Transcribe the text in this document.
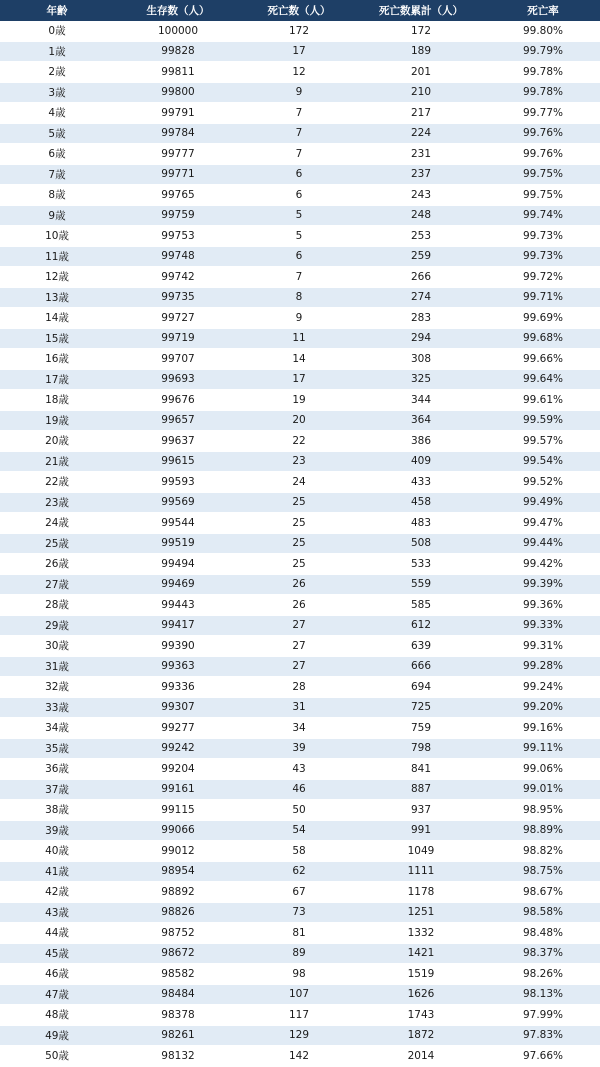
年齢	生存数（人）	死亡数（人）	死亡数累計（人）	死亡率
0歳	100000	172	172	99.80%
1歳	99828	17	189	99.79%
2歳	99811	12	201	99.78%
3歳	99800	9	210	99.78%
4歳	99791	7	217	99.77%
5歳	99784	7	224	99.76%
6歳	99777	7	231	99.76%
7歳	99771	6	237	99.75%
8歳	99765	6	243	99.75%
9歳	99759	5	248	99.74%
10歳	99753	5	253	99.73%
11歳	99748	6	259	99.73%
12歳	99742	7	266	99.72%
13歳	99735	8	274	99.71%
14歳	99727	9	283	99.69%
15歳	99719	11	294	99.68%
16歳	99707	14	308	99.66%
17歳	99693	17	325	99.64%
18歳	99676	19	344	99.61%
19歳	99657	20	364	99.59%
20歳	99637	22	386	99.57%
21歳	99615	23	409	99.54%
22歳	99593	24	433	99.52%
23歳	99569	25	458	99.49%
24歳	99544	25	483	99.47%
25歳	99519	25	508	99.44%
26歳	99494	25	533	99.42%
27歳	99469	26	559	99.39%
28歳	99443	26	585	99.36%
29歳	99417	27	612	99.33%
30歳	99390	27	639	99.31%
31歳	99363	27	666	99.28%
32歳	99336	28	694	99.24%
33歳	99307	31	725	99.20%
34歳	99277	34	759	99.16%
35歳	99242	39	798	99.11%
36歳	99204	43	841	99.06%
37歳	99161	46	887	99.01%
38歳	99115	50	937	98.95%
39歳	99066	54	991	98.89%
40歳	99012	58	1049	98.82%
41歳	98954	62	1111	98.75%
42歳	98892	67	1178	98.67%
43歳	98826	73	1251	98.58%
44歳	98752	81	1332	98.48%
45歳	98672	89	1421	98.37%
46歳	98582	98	1519	98.26%
47歳	98484	107	1626	98.13%
48歳	98378	117	1743	97.99%
49歳	98261	129	1872	97.83%
50歳	98132	142	2014	97.66%
